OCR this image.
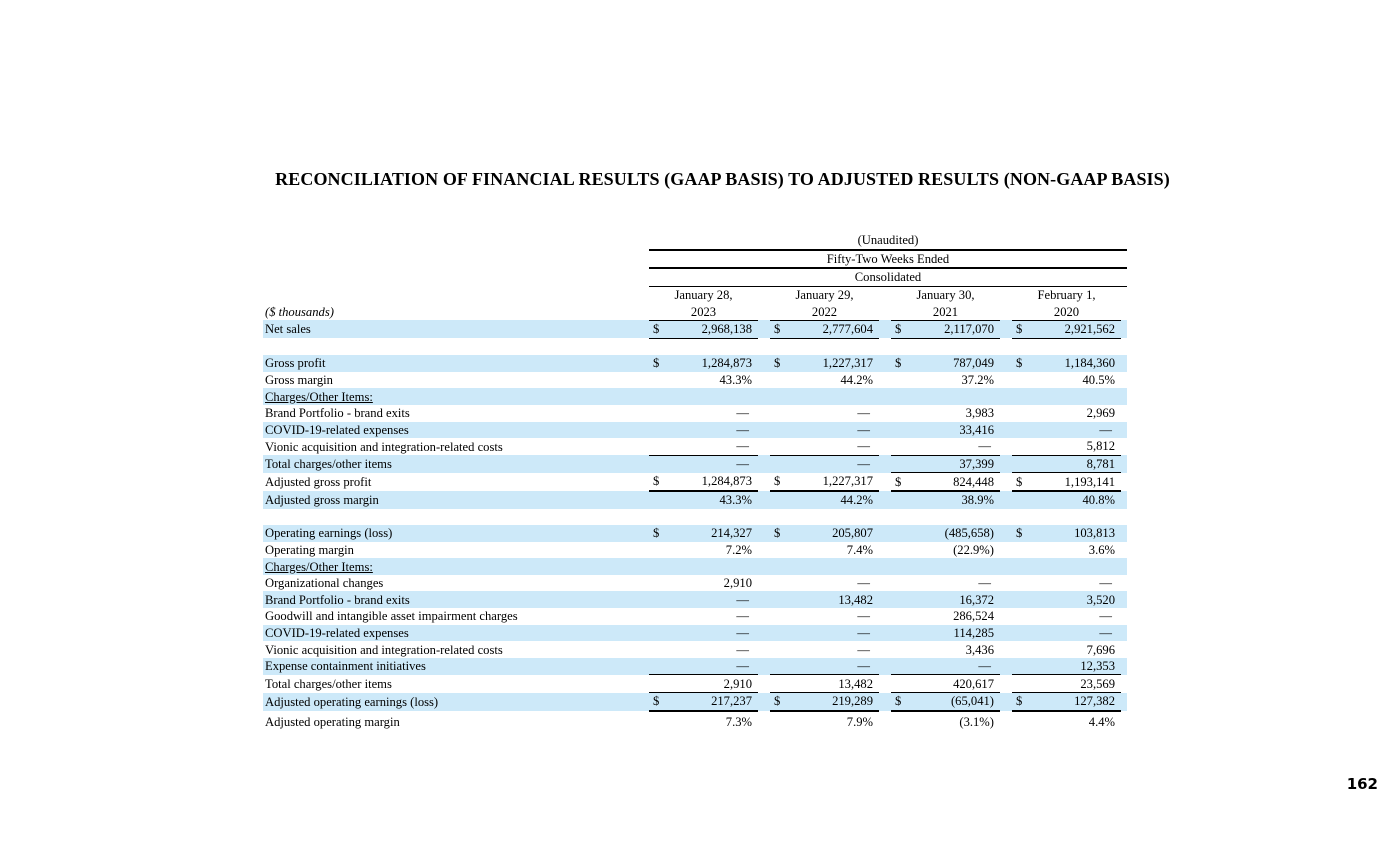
RECONCILIATION OF FINANCIAL RESULTS (GAAP BASIS) TO ADJUSTED RESULTS (NON-GAAP BASIS)
		(Unaudited)											
		Fifty-Two Weeks Ended											
		Consolidated											
		January 28,			January 29,			January 30,			February 1,		
($ thousands)		2023			2022			2021			2020		
Net sales		$	2,968,138		$	2,777,604		$	2,117,070		$	2,921,562	

Gross profit		$	1,284,873		$	1,227,317		$	787,049		$	1,184,360	
Gross margin			43.3%			44.2%			37.2%			40.5%	
Charges/Other Items:													
Brand Portfolio - brand exits			—			—			3,983			2,969	
COVID-19-related expenses			—			—			33,416			—	
Vionic acquisition and integration-related costs			—			—			—			5,812	
Total charges/other items			—			—			37,399			8,781	
Adjusted gross profit		$	1,284,873		$	1,227,317		$	824,448		$	1,193,141	
Adjusted gross margin			43.3%			44.2%			38.9%			40.8%	

Operating earnings (loss)		$	214,327		$	205,807			(485,658)		$	103,813	
Operating margin			7.2%			7.4%			(22.9%)			3.6%	
Charges/Other Items:													
Organizational changes			2,910			—			—			—	
Brand Portfolio - brand exits			—			13,482			16,372			3,520	
Goodwill and intangible asset impairment charges			—			—			286,524			—	
COVID-19-related expenses			—			—			114,285			—	
Vionic acquisition and integration-related costs			—			—			3,436			7,696	
Expense containment initiatives			—			—			—			12,353	
Total charges/other items			2,910			13,482			420,617			23,569	
Adjusted operating earnings (loss)		$	217,237		$	219,289		$	(65,041)		$	127,382	
Adjusted operating margin			7.3%			7.9%			(3.1%)			4.4%	
162
